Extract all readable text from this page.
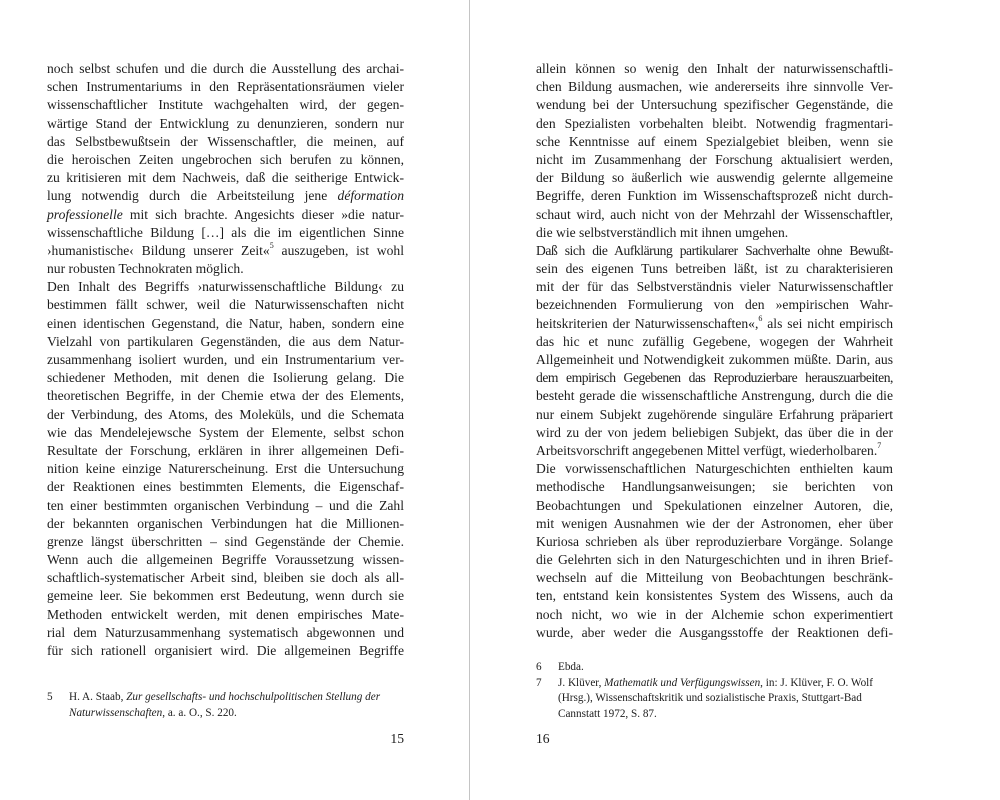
noch selbst schufen und die durch die Ausstellung des archai-
schen Instrumentariums in den Repräsentationsräumen vieler
wissenschaftlicher Institute wachgehalten wird, der gegen-
wärtige Stand der Entwicklung zu denunzieren, sondern nur
das Selbstbewußtsein der Wissenschaftler, die meinen, auf
die heroischen Zeiten ungebrochen sich berufen zu können,
zu kritisieren mit dem Nachweis, daß die seitherige Entwick-
lung notwendig durch die Arbeitsteilung jene déformation
professionelle mit sich brachte. Angesichts dieser »die natur-
wissenschaftliche Bildung […] als die im eigentlichen Sinne
›humanistische‹ Bildung unserer Zeit«$^5$ auszugeben, ist wohl
nur robusten Technokraten möglich.
Den Inhalt des Begriffs ›naturwissenschaftliche Bildung‹ zu
bestimmen fällt schwer, weil die Naturwissenschaften nicht
einen identischen Gegenstand, die Natur, haben, sondern eine
Vielzahl von partikularen Gegenständen, die aus dem Natur-
zusammenhang isoliert wurden, und ein Instrumentarium ver-
schiedener Methoden, mit denen die Isolierung gelang. Die
theoretischen Begriffe, in der Chemie etwa der des Elements,
der Verbindung, des Atoms, des Moleküls, und die Schemata
wie das Mendelejewsche System der Elemente, selbst schon
Resultate der Forschung, erklären in ihrer allgemeinen Defi-
nition keine einzige Naturerscheinung. Erst die Untersuchung
der Reaktionen eines bestimmten Elements, die Eigenschaf-
ten einer bestimmten organischen Verbindung – und die Zahl
der bekannten organischen Verbindungen hat die Millionen-
grenze längst überschritten – sind Gegenstände der Chemie.
Wenn auch die allgemeinen Begriffe Voraussetzung wissen-
schaftlich-systematischer Arbeit sind, bleiben sie doch als all-
gemeine leer. Sie bekommen erst Bedeutung, wenn durch sie
Methoden entwickelt werden, mit denen empirisches Mate-
rial dem Naturzusammenhang systematisch abgewonnen und
für sich rationell organisiert wird. Die allgemeinen Begriffe
5	H. A. Staab, Zur gesellschafts- und hochschulpolitischen Stellung der Naturwissenschaften, a. a. O., S. 220.
15
allein können so wenig den Inhalt der naturwissenschaftli-
chen Bildung ausmachen, wie andererseits ihre sinnvolle Ver-
wendung bei der Untersuchung spezifischer Gegenstände, die
den Spezialisten vorbehalten bleibt. Notwendig fragmentari-
sche Kenntnisse auf einem Spezialgebiet bleiben, wenn sie
nicht im Zusammenhang der Forschung aktualisiert werden,
der Bildung so äußerlich wie auswendig gelernte allgemeine
Begriffe, deren Funktion im Wissenschaftsprozeß nicht durch-
schaut wird, auch nicht von der Mehrzahl der Wissenschaftler,
die wie selbstverständlich mit ihnen umgehen.
Daß sich die Aufklärung partikularer Sachverhalte ohne Bewußt-
sein des eigenen Tuns betreiben läßt, ist zu charakterisieren
mit der für das Selbstverständnis vieler Naturwissenschaftler
bezeichnenden Formulierung von den »empirischen Wahr-
heitskriterien der Naturwissenschaften«,$^6$ als sei nicht empirisch
das hic et nunc zufällig Gegebene, wogegen der Wahrheit
Allgemeinheit und Notwendigkeit zukommen müßte. Darin, aus
dem empirisch Gegebenen das Reproduzierbare herauszuarbeiten,
besteht gerade die wissenschaftliche Anstrengung, durch die die
nur einem Subjekt zugehörende singuläre Erfahrung präpariert
wird zu der von jedem beliebigen Subjekt, das über die in der
Arbeitsvorschrift angegebenen Mittel verfügt, wiederholbaren.$^7$
Die vorwissenschaftlichen Naturgeschichten enthielten kaum
methodische Handlungsanweisungen; sie berichten von
Beobachtungen und Spekulationen einzelner Autoren, die,
mit wenigen Ausnahmen wie der der Astronomen, eher über
Kuriosa schrieben als über reproduzierbare Vorgänge. Solange
die Gelehrten sich in den Naturgeschichten und in ihren Brief-
wechseln auf die Mitteilung von Beobachtungen beschränk-
ten, entstand kein konsistentes System des Wissens, auch da
noch nicht, wo wie in der Alchemie schon experimentiert
wurde, aber weder die Ausgangsstoffe der Reaktionen defi-
6	Ebda.
7	J. Klüver, Mathematik und Verfügungswissen, in: J. Klüver, F. O. Wolf (Hrsg.), Wissenschaftskritik und sozialistische Praxis, Stuttgart-Bad Cannstatt 1972, S. 87.
16
